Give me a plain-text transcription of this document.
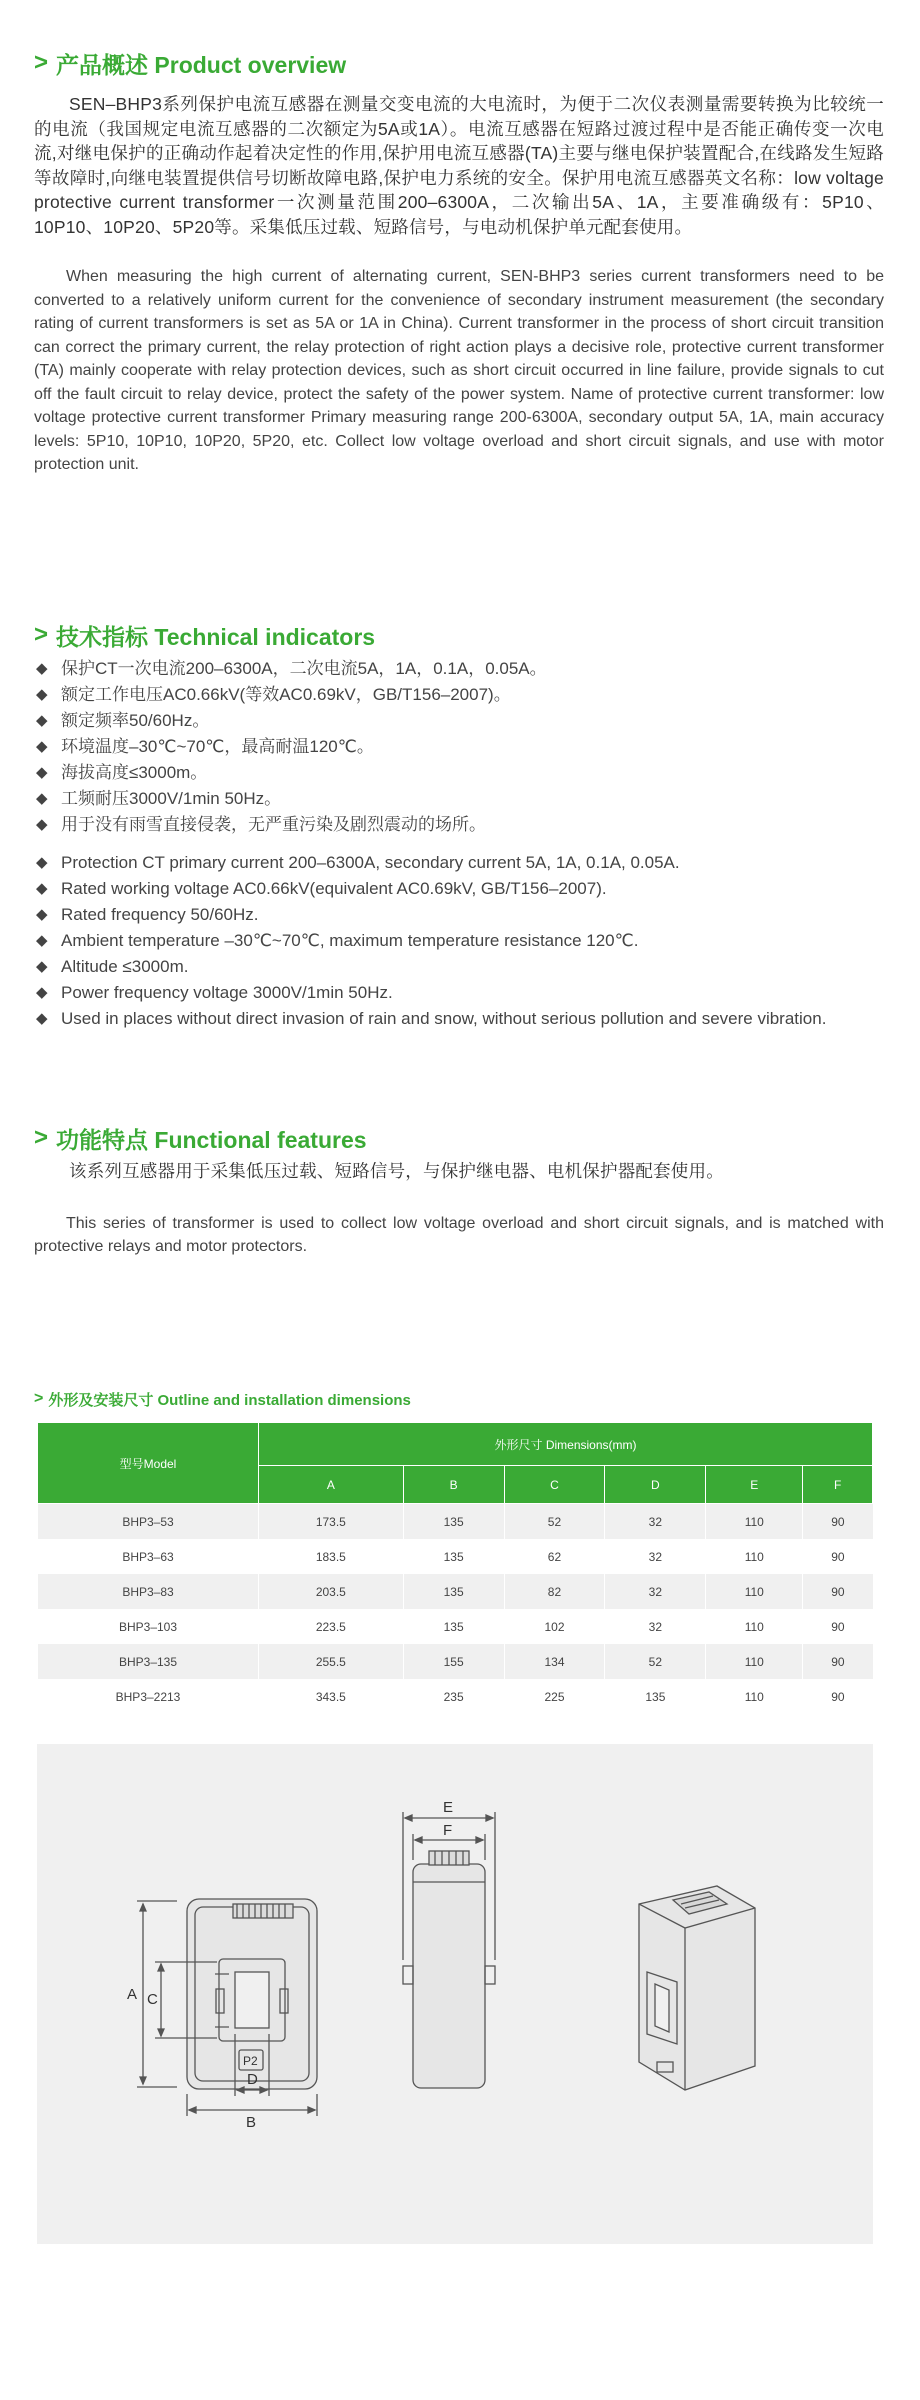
> 产品概述 Product overview

SEN–BHP3系列保护电流互感器在测量交变电流的大电流时，为便于二次仪表测量需要转换为比较统一的电流（我国规定电流互感器的二次额定为5A或1A）。电流互感器在短路过渡过程中是否能正确传变一次电流,对继电保护的正确动作起着决定性的作用,保护用电流互感器(TA)主要与继电保护装置配合,在线路发生短路等故障时,向继电装置提供信号切断故障电路,保护电力系统的安全。保护用电流互感器英文名称：low voltage protective current transformer一次测量范围200–6300A，二次输出5A、1A，主要准确级有：5P10、10P10、10P20、5P20等。采集低压过载、短路信号，与电动机保护单元配套使用。

When measuring the high current of alternating current, SEN-BHP3 series current transformers need to be converted to a relatively uniform current for the convenience of secondary instrument measurement (the secondary rating of current transformers is set as 5A or 1A in China). Current transformer in the process of short circuit transition can correct the primary current, the relay protection of right action plays a decisive role, protective current transformer (TA) mainly cooperate with relay protection devices, such as short circuit occurred in line failure, provide signals to cut off the fault circuit to relay device, protect the safety of the power system. Name of protective current transformer: low voltage protective current transformer Primary measuring range 200-6300A, secondary output 5A, 1A, main accuracy levels: 5P10, 10P10, 10P20, 5P20, etc. Collect low voltage overload and short circuit signals, and use with motor protection unit.

> 技术指标 Technical indicators
◆ 保护CT一次电流200–6300A，二次电流5A，1A，0.1A，0.05A。
◆ 额定工作电压AC0.66kV(等效AC0.69kV，GB/T156–2007)。
◆ 额定频率50/60Hz。
◆ 环境温度–30℃~70℃，最高耐温120℃。
◆ 海拔高度≤3000m。
◆ 工频耐压3000V/1min 50Hz。
◆ 用于没有雨雪直接侵袭，无严重污染及剧烈震动的场所。
◆ Protection CT primary current 200–6300A, secondary current 5A, 1A, 0.1A, 0.05A.
◆ Rated working voltage AC0.66kV(equivalent AC0.69kV, GB/T156–2007).
◆ Rated frequency 50/60Hz.
◆ Ambient temperature –30℃~70℃, maximum temperature resistance 120℃.
◆ Altitude ≤3000m.
◆ Power frequency voltage 3000V/1min 50Hz.
◆ Used in places without direct invasion of rain and snow, without serious pollution and severe vibration.
> 功能特点 Functional features

该系列互感器用于采集低压过载、短路信号，与保护继电器、电机保护器配套使用。

This series of transformer is used to collect low voltage overload and short circuit signals, and is matched with protective relays and motor protectors.

> 外形及安装尺寸 Outline and installation dimensions
型号Model	外形尺寸 Dimensions(mm)					
	A	B	C	D	E	F
BHP3–53	173.5	135	52	32	110	90
BHP3–63	183.5	135	62	32	110	90
BHP3–83	203.5	135	82	32	110	90
BHP3–103	223.5	135	102	32	110	90
BHP3–135	255.5	155	134	52	110	90
BHP3–2213	343.5	235	225	135	110	90
A C
D
B
E
F
P2
